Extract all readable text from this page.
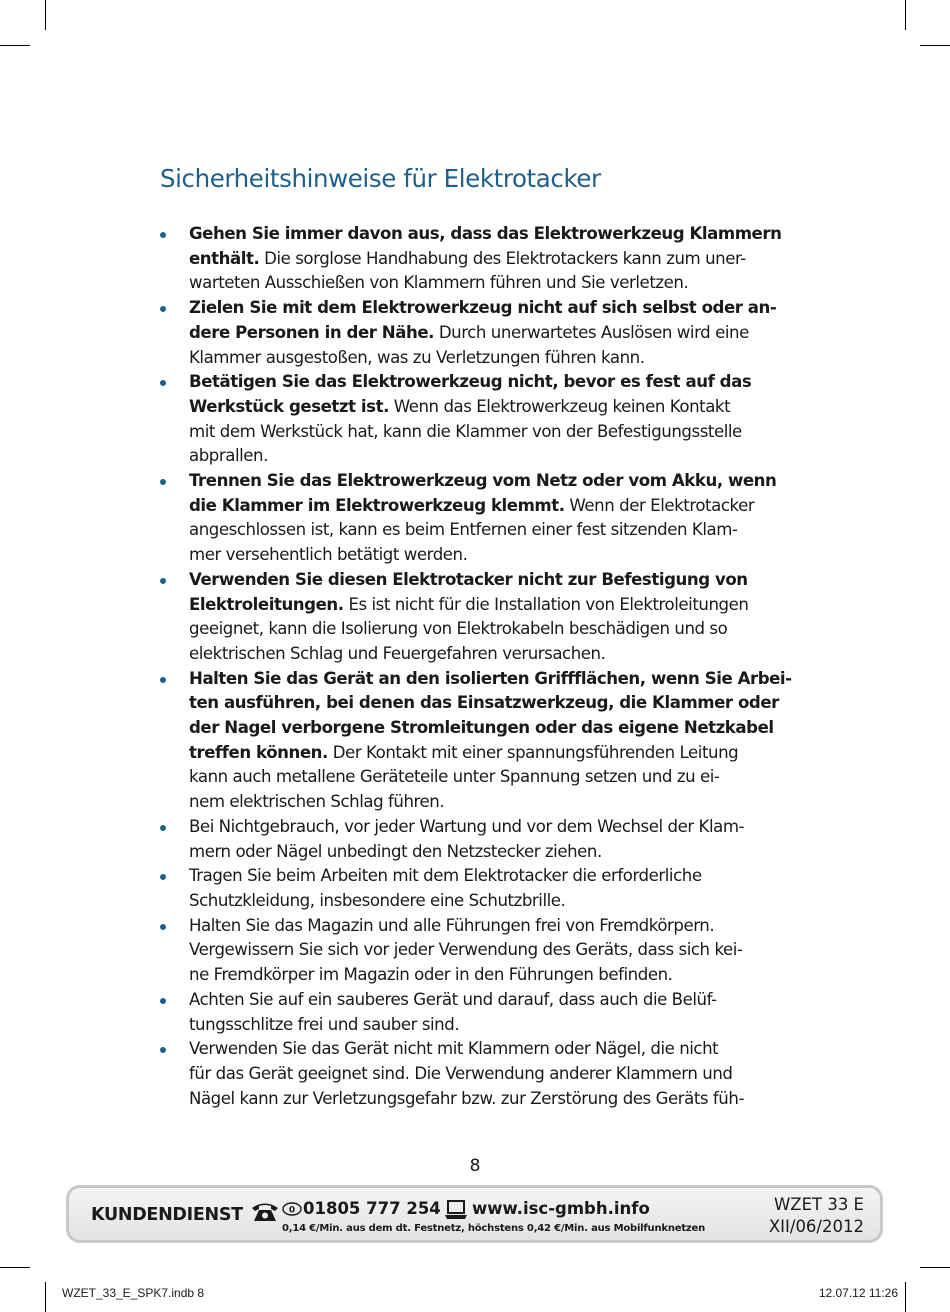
Sicherheitshinweise für Elektrotacker
Gehen Sie immer davon aus, dass das Elektrowerkzeug Klammern
enthält. Die sorglose Handhabung des Elektrotackers kann zum uner-
warteten Ausschießen von Klammern führen und Sie verletzen.
Zielen Sie mit dem Elektrowerkzeug nicht auf sich selbst oder an-
dere Personen in der Nähe. Durch unerwartetes Auslösen wird eine
Klammer ausgestoßen, was zu Verletzungen führen kann.
Betätigen Sie das Elektrowerkzeug nicht, bevor es fest auf das
Werkstück gesetzt ist. Wenn das Elektrowerkzeug keinen Kontakt
mit dem Werkstück hat, kann die Klammer von der Befestigungsstelle
abprallen.
Trennen Sie das Elektrowerkzeug vom Netz oder vom Akku, wenn
die Klammer im Elektrowerkzeug klemmt. Wenn der Elektrotacker
angeschlossen ist, kann es beim Entfernen einer fest sitzenden Klam-
mer versehentlich betätigt werden.
Verwenden Sie diesen Elektrotacker nicht zur Befestigung von
Elektroleitungen. Es ist nicht für die Installation von Elektroleitungen
geeignet, kann die Isolierung von Elektrokabeln beschädigen und so
elektrischen Schlag und Feuergefahren verursachen.
Halten Sie das Gerät an den isolierten Griffflächen, wenn Sie Arbei-
ten ausführen, bei denen das Einsatzwerkzeug, die Klammer oder
der Nagel verborgene Stromleitungen oder das eigene Netzkabel
treffen können. Der Kontakt mit einer spannungsführenden Leitung
kann auch metallene Geräteteile unter Spannung setzen und zu ei-
nem elektrischen Schlag führen.
Bei Nichtgebrauch, vor jeder Wartung und vor dem Wechsel der Klam-
mern oder Nägel unbedingt den Netzstecker ziehen.
Tragen Sie beim Arbeiten mit dem Elektrotacker die erforderliche
Schutzkleidung, insbesondere eine Schutzbrille.
Halten Sie das Magazin und alle Führungen frei von Fremdkörpern.
Vergewissern Sie sich vor jeder Verwendung des Geräts, dass sich kei-
ne Fremdkörper im Magazin oder in den Führungen befinden.
Achten Sie auf ein sauberes Gerät und darauf, dass auch die Belüf-
tungsschlitze frei und sauber sind.
Verwenden Sie das Gerät nicht mit Klammern oder Nägel, die nicht
für das Gerät geeignet sind. Die Verwendung anderer Klammern und
Nägel kann zur Verletzungsgefahr bzw. zur Zerstörung des Geräts füh-
8
KUNDENDIENST	0 01805 777 254 www.isc-gmbh.info
0,14 €/Min. aus dem dt. Festnetz, höchstens 0,42 €/Min. aus Mobilfunknetzen
WZET 33 E
XII/06/2012
WZET_33_E_SPK7.indb 8	12.07.12 11:26
